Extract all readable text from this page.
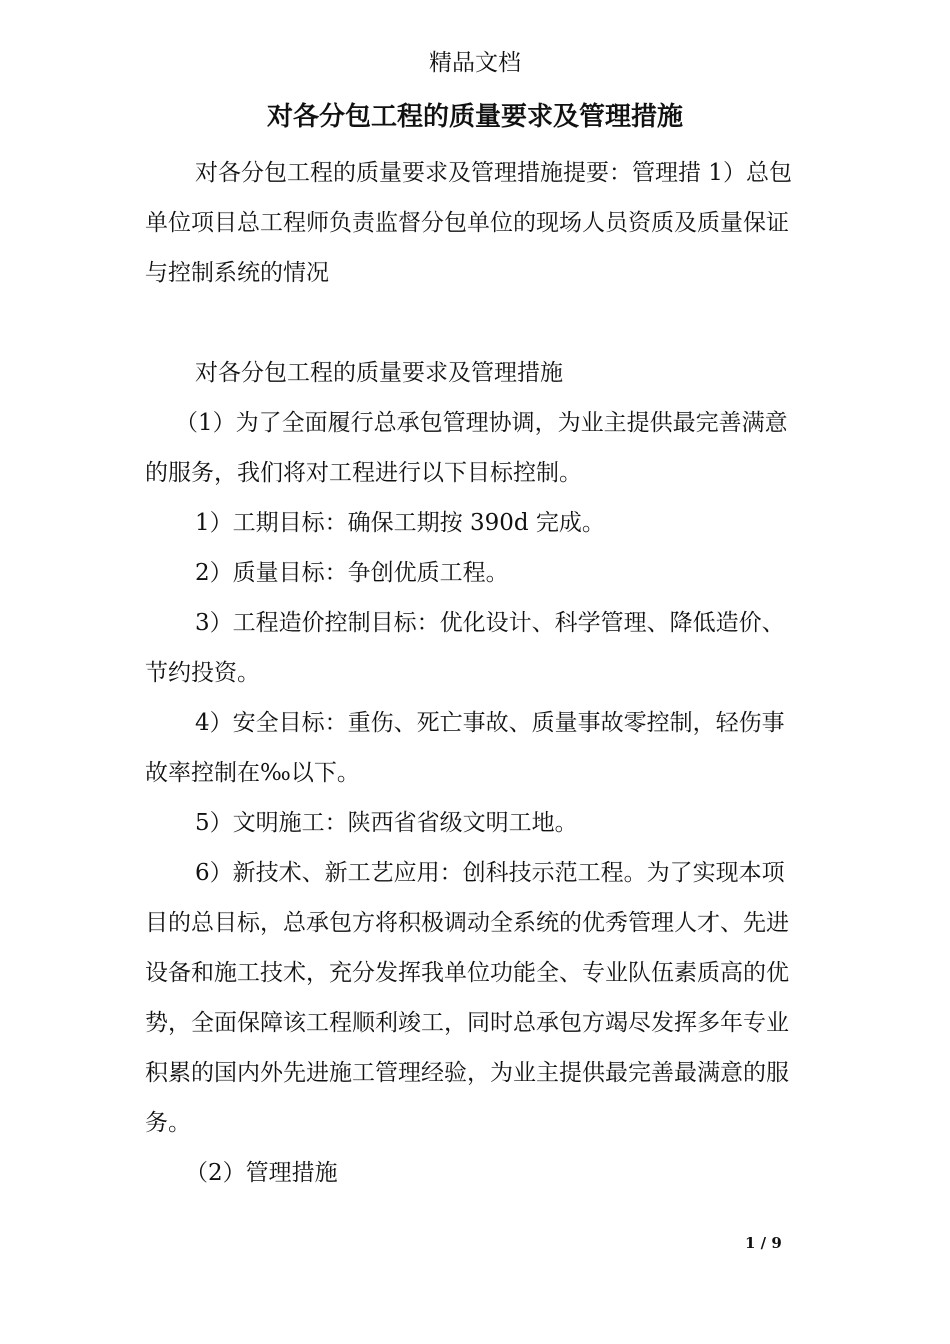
精品文档
对各分包工程的质量要求及管理措施

对各分包工程的质量要求及管理措施提要：管理措 1）总包单位项目总工程师负责监督分包单位的现场人员资质及质量保证与控制系统的情况

对各分包工程的质量要求及管理措施

（1）为了全面履行总承包管理协调，为业主提供最完善满意的服务，我们将对工程进行以下目标控制。

1）工期目标：确保工期按 390d 完成。

2）质量目标：争创优质工程。

3）工程造价控制目标：优化设计、科学管理、降低造价、节约投资。

4）安全目标：重伤、死亡事故、质量事故零控制，轻伤事故率控制在‰以下。

5）文明施工：陕西省省级文明工地。

6）新技术、新工艺应用：创科技示范工程。为了实现本项目的总目标，总承包方将积极调动全系统的优秀管理人才、先进设备和施工技术，充分发挥我单位功能全、专业队伍素质高的优势，全面保障该工程顺利竣工，同时总承包方竭尽发挥多年专业积累的国内外先进施工管理经验，为业主提供最完善最满意的服务。

（2）管理措施

1 / 9
